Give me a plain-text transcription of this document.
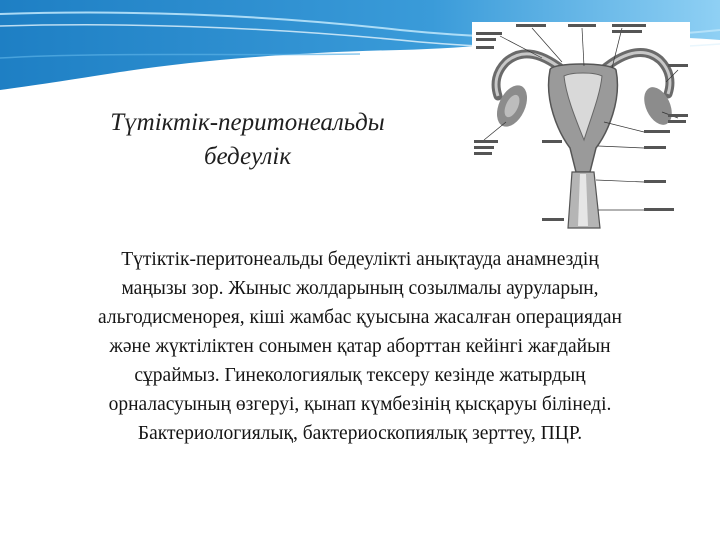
Түтіктік-перитонеальды
бедеулік
Түтіктік-перитонеальды бедеулікті анықтауда анамнездің
маңызы зор. Жыныс жолдарының созылмалы ауруларын,
альгодисменорея, кіші жамбас қуысына жасалған операциядан
және жүктіліктен сонымен қатар аборттан кейінгі жағдайын
сұраймыз. Гинекологиялық тексеру кезінде жатырдың
орналасуының өзгеруі, қынап күмбезінің қысқаруы білінеді.
Бактериологиялық, бактериоскопиялық зерттеу, ПЦР.
